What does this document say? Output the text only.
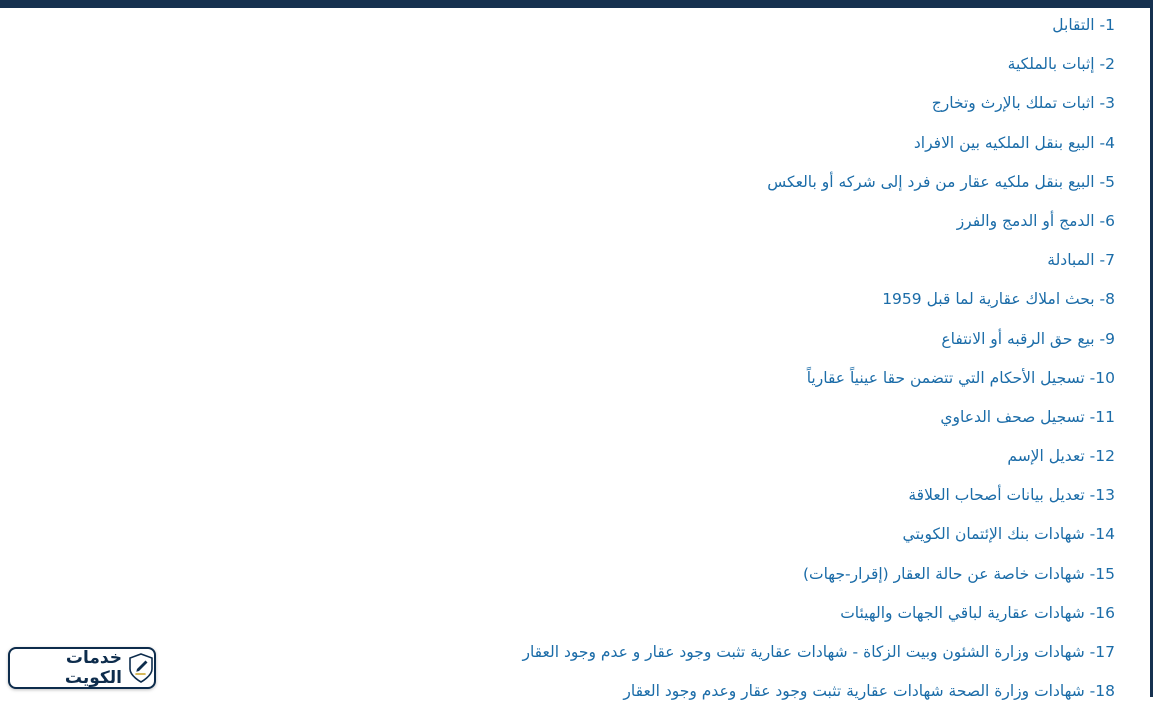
1- التقابل
2- إثبات بالملكية
3- اثبات تملك بالإرث وتخارج
4- البيع بنقل الملكيه بين الافراد
5- البيع بنقل ملكيه عقار من فرد إلى شركه أو بالعكس
6- الدمج أو الدمج والفرز
7- المبادلة
8- بحث املاك عقارية لما قبل 1959
9- بيع حق الرقبه أو الانتفاع
10- تسجيل الأحكام التي تتضمن حقا عينياً عقارياً
11- تسجيل صحف الدعاوي
12- تعديل الإسم
13- تعديل بيانات أصحاب العلاقة
14- شهادات بنك الإئتمان الكويتي
15- شهادات خاصة عن حالة العقار (إقرار-جهات)
16- شهادات عقارية لباقي الجهات والهيئات
17- شهادات وزارة الشئون وبيت الزكاة - شهادات عقارية تثبت وجود عقار و عدم وجود العقار
18- شهادات وزارة الصحة شهادات عقارية تثبت وجود عقار وعدم وجود العقار
خدمات الكويت
